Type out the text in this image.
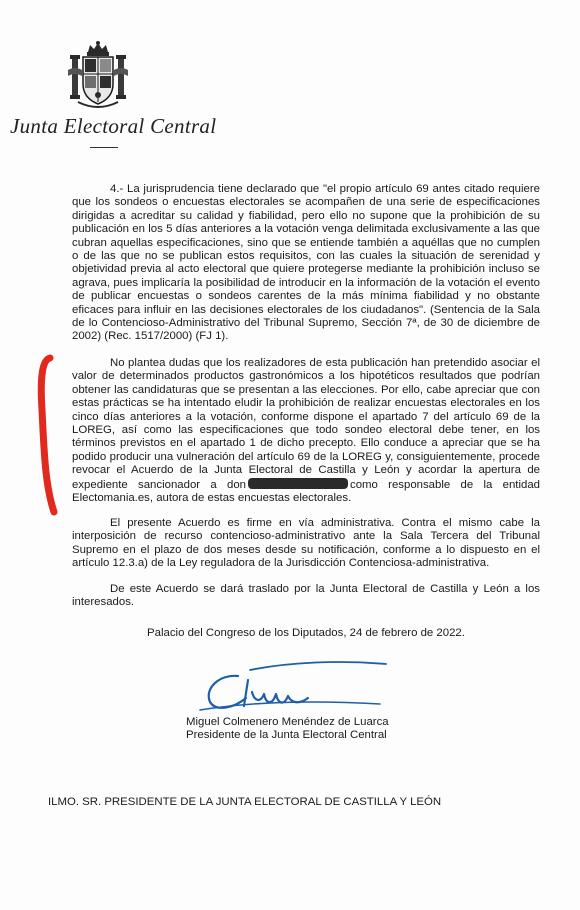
Junta Electoral Central

4.- La jurisprudencia tiene declarado que "el propio artículo 69 antes citado requiere que los sondeos o encuestas electorales se acompañen de una serie de especificaciones dirigidas a acreditar su calidad y fiabilidad, pero ello no supone que la prohibición de su publicación en los 5 días anteriores a la votación venga delimitada exclusivamente a las que cubran aquellas especificaciones, sino que se entiende también a aquéllas que no cumplen o de las que no se publican estos requisitos, con las cuales la situación de serenidad y objetividad previa al acto electoral que quiere protegerse mediante la prohibición incluso se agrava, pues implicaría la posibilidad de introducir en la información de la votación el evento de publicar encuestas o sondeos carentes de la más mínima fiabilidad y no obstante eficaces para influir en las decisiones electorales de los ciudadanos". (Sentencia de la Sala de lo Contencioso-Administrativo del Tribunal Supremo, Sección 7ª, de 30 de diciembre de 2002) (Rec. 1517/2000) (FJ 1).

No plantea dudas que los realizadores de esta publicación han pretendido asociar el valor de determinados productos gastronómicos a los hipotéticos resultados que podrían obtener las candidaturas que se presentan a las elecciones. Por ello, cabe apreciar que con estas prácticas se ha intentado eludir la prohibición de realizar encuestas electorales en los cinco días anteriores a la votación, conforme dispone el apartado 7 del artículo 69 de la LOREG, así como las especificaciones que todo sondeo electoral debe tener, en los términos previstos en el apartado 1 de dicho precepto. Ello conduce a apreciar que se ha podido producir una vulneración del artículo 69 de la LOREG y, consiguientemente, procede revocar el Acuerdo de la Junta Electoral de Castilla y León y acordar la apertura de expediente sancionador a don	como responsable de la entidad Electomania.es, autora de estas encuestas electorales.

El presente Acuerdo es firme en vía administrativa. Contra el mismo cabe la interposición de recurso contencioso-administrativo ante la Sala Tercera del Tribunal Supremo en el plazo de dos meses desde su notificación, conforme a lo dispuesto en el artículo 12.3.a) de la Ley reguladora de la Jurisdicción Contenciosa-administrativa.

De este Acuerdo se dará traslado por la Junta Electoral de Castilla y León a los interesados.

Palacio del Congreso de los Diputados, 24 de febrero de 2022.

Miguel Colmenero Menéndez de Luarca
Presidente de la Junta Electoral Central

ILMO. SR. PRESIDENTE DE LA JUNTA ELECTORAL DE CASTILLA Y LEÓN
